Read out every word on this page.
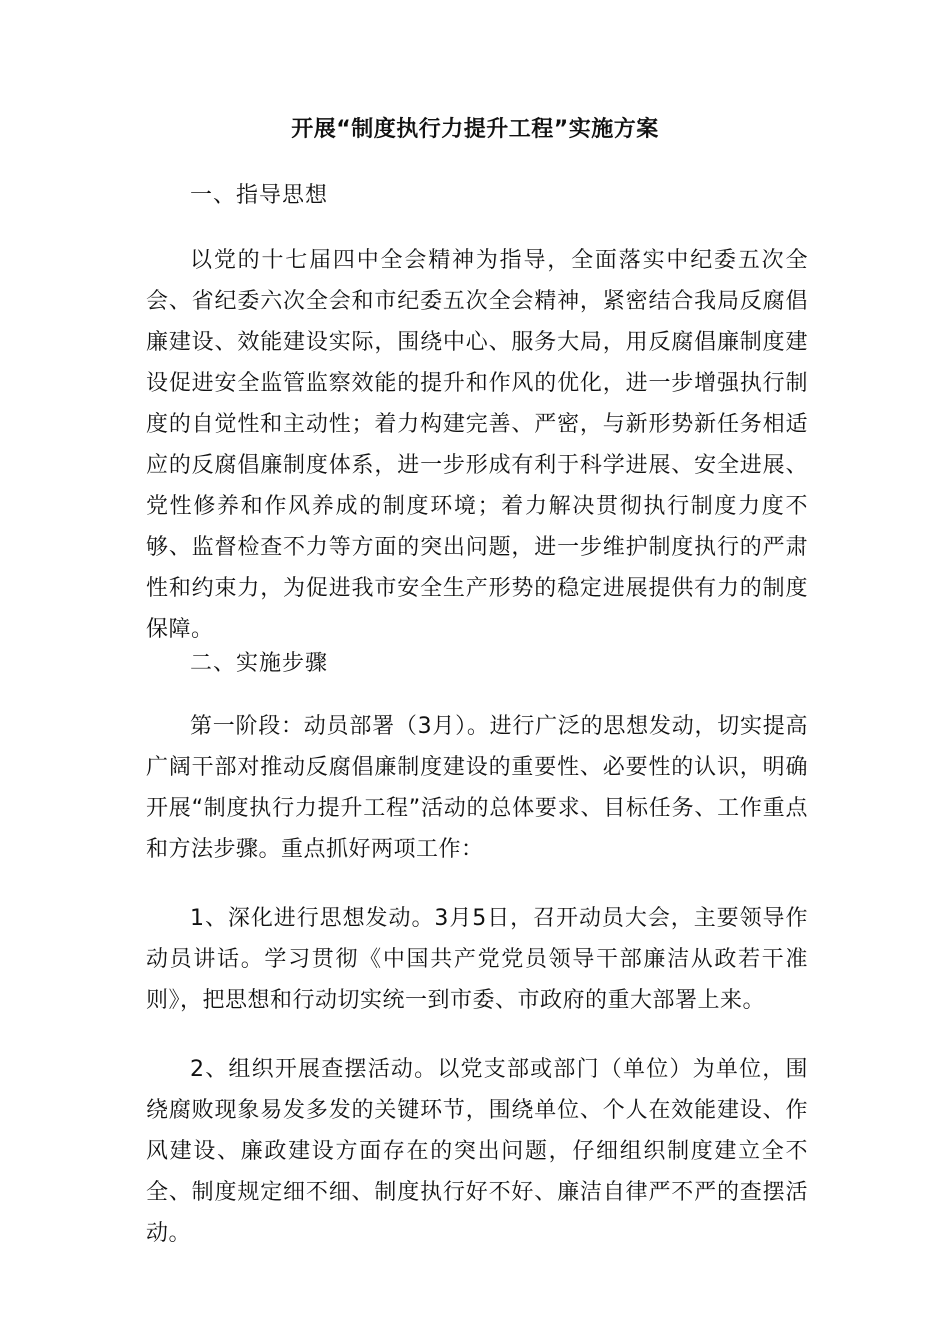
开展“制度执行力提升工程”实施方案
一、指导思想

以党的十七届四中全会精神为指导，全面落实中纪委五次全会、省纪委六次全会和市纪委五次全会精神，紧密结合我局反腐倡廉建设、效能建设实际，围绕中心、服务大局，用反腐倡廉制度建设促进安全监管监察效能的提升和作风的优化，进一步增强执行制度的自觉性和主动性；着力构建完善、严密，与新形势新任务相适应的反腐倡廉制度体系，进一步形成有利于科学进展、安全进展、党性修养和作风养成的制度环境；着力解决贯彻执行制度力度不够、监督检查不力等方面的突出问题，进一步维护制度执行的严肃性和约束力，为促进我市安全生产形势的稳定进展提供有力的制度保障。

二、实施步骤

第一阶段：动员部署（3月）。进行广泛的思想发动，切实提高广阔干部对推动反腐倡廉制度建设的重要性、必要性的认识，明确开展“制度执行力提升工程”活动的总体要求、目标任务、工作重点和方法步骤。重点抓好两项工作：

1、深化进行思想发动。3月5日，召开动员大会，主要领导作动员讲话。学习贯彻《中国共产党党员领导干部廉洁从政若干准则》，把思想和行动切实统一到市委、市政府的重大部署上来。

2、组织开展查摆活动。以党支部或部门（单位）为单位，围绕腐败现象易发多发的关键环节，围绕单位、个人在效能建设、作风建设、廉政建设方面存在的突出问题，仔细组织制度建立全不全、制度规定细不细、制度执行好不好、廉洁自律严不严的查摆活动。
